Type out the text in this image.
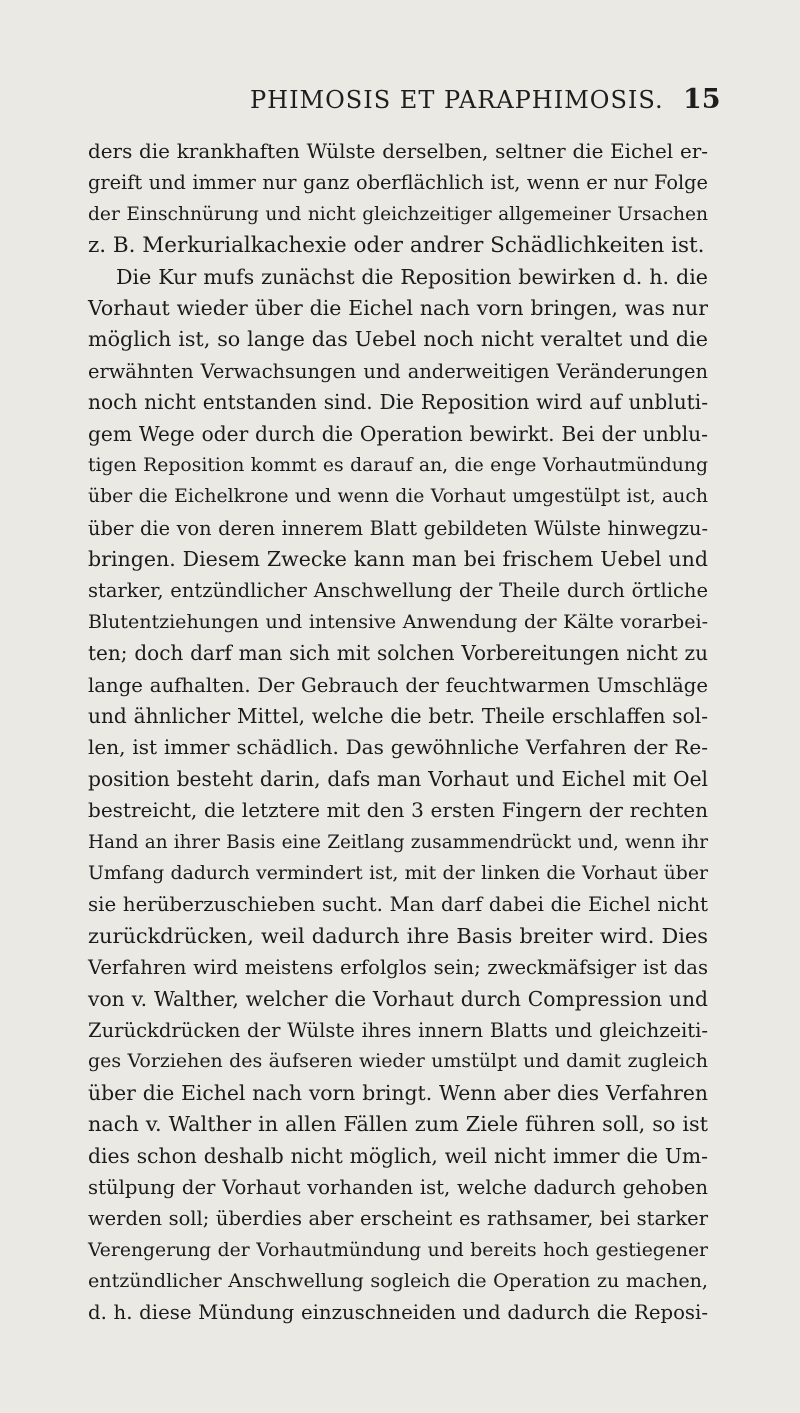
PHIMOSIS ET PARAPHIMOSIS. 15
ders die krankhaften Wülste derselben, seltner die Eichel er-
greift und immer nur ganz oberflächlich ist, wenn er nur Folge
der Einschnürung und nicht gleichzeitiger allgemeiner Ursachen
z. B. Merkurialkachexie oder andrer Schädlichkeiten ist.
Die Kur mufs zunächst die Reposition bewirken d. h. die
Vorhaut wieder über die Eichel nach vorn bringen, was nur
möglich ist, so lange das Uebel noch nicht veraltet und die
erwähnten Verwachsungen und anderweitigen Veränderungen
noch nicht entstanden sind. Die Reposition wird auf unbluti-
gem Wege oder durch die Operation bewirkt. Bei der unblu-
tigen Reposition kommt es darauf an, die enge Vorhautmündung
über die Eichelkrone und wenn die Vorhaut umgestülpt ist, auch
über die von deren innerem Blatt gebildeten Wülste hinwegzu-
bringen. Diesem Zwecke kann man bei frischem Uebel und
starker, entzündlicher Anschwellung der Theile durch örtliche
Blutentziehungen und intensive Anwendung der Kälte vorarbei-
ten; doch darf man sich mit solchen Vorbereitungen nicht zu
lange aufhalten. Der Gebrauch der feuchtwarmen Umschläge
und ähnlicher Mittel, welche die betr. Theile erschlaffen sol-
len, ist immer schädlich. Das gewöhnliche Verfahren der Re-
position besteht darin, dafs man Vorhaut und Eichel mit Oel
bestreicht, die letztere mit den 3 ersten Fingern der rechten
Hand an ihrer Basis eine Zeitlang zusammendrückt und, wenn ihr
Umfang dadurch vermindert ist, mit der linken die Vorhaut über
sie herüberzuschieben sucht. Man darf dabei die Eichel nicht
zurückdrücken, weil dadurch ihre Basis breiter wird. Dies
Verfahren wird meistens erfolglos sein; zweckmäfsiger ist das
von v. Walther, welcher die Vorhaut durch Compression und
Zurückdrücken der Wülste ihres innern Blatts und gleichzeiti-
ges Vorziehen des äufseren wieder umstülpt und damit zugleich
über die Eichel nach vorn bringt. Wenn aber dies Verfahren
nach v. Walther in allen Fällen zum Ziele führen soll, so ist
dies schon deshalb nicht möglich, weil nicht immer die Um-
stülpung der Vorhaut vorhanden ist, welche dadurch gehoben
werden soll; überdies aber erscheint es rathsamer, bei starker
Verengerung der Vorhautmündung und bereits hoch gestiegener
entzündlicher Anschwellung sogleich die Operation zu machen,
d. h. diese Mündung einzuschneiden und dadurch die Reposi-
